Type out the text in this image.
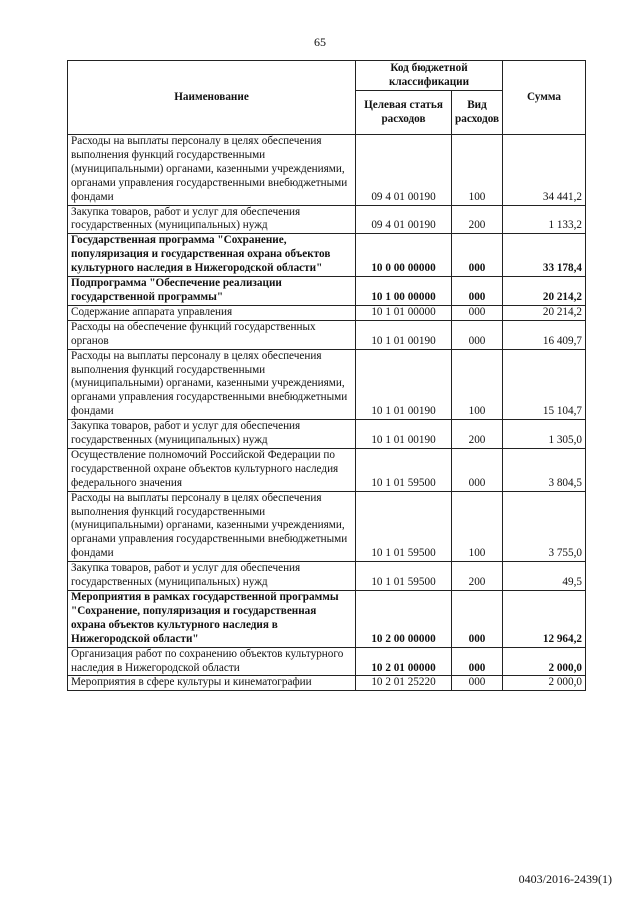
65
Наименование	Код бюджетной классификации		Сумма
	Целевая статья расходов	Вид расходов	
Расходы на выплаты персоналу в целях обеспечения выполнения функций государственными (муниципальными) органами, казенными учреждениями, органами управления государственными внебюджетными фондами	09 4 01 00190	100	34 441,2
Закупка товаров, работ и услуг для обеспечения государственных (муниципальных) нужд	09 4 01 00190	200	1 133,2
Государственная программа "Сохранение, популяризация и государственная охрана объектов культурного наследия в Нижегородской области"	10 0 00 00000	000	33 178,4
Подпрограмма "Обеспечение реализации государственной программы"	10 1 00 00000	000	20 214,2
Содержание аппарата управления	10 1 01 00000	000	20 214,2
Расходы на обеспечение функций государственных органов	10 1 01 00190	000	16 409,7
Расходы на выплаты персоналу в целях обеспечения выполнения функций государственными (муниципальными) органами, казенными учреждениями, органами управления государственными внебюджетными фондами	10 1 01 00190	100	15 104,7
Закупка товаров, работ и услуг для обеспечения государственных (муниципальных) нужд	10 1 01 00190	200	1 305,0
Осуществление полномочий Российской Федерации по государственной охране объектов культурного наследия федерального значения	10 1 01 59500	000	3 804,5
Расходы на выплаты персоналу в целях обеспечения выполнения функций государственными (муниципальными) органами, казенными учреждениями, органами управления государственными внебюджетными фондами	10 1 01 59500	100	3 755,0
Закупка товаров, работ и услуг для обеспечения государственных (муниципальных) нужд	10 1 01 59500	200	49,5
Мероприятия в рамках государственной программы "Сохранение, популяризация и государственная охрана объектов культурного наследия в Нижегородской области"	10 2 00 00000	000	12 964,2
Организация работ по сохранению объектов культурного наследия в Нижегородской области	10 2 01 00000	000	2 000,0
Мероприятия в сфере культуры и кинематографии	10 2 01 25220	000	2 000,0
0403/2016-2439(1)
